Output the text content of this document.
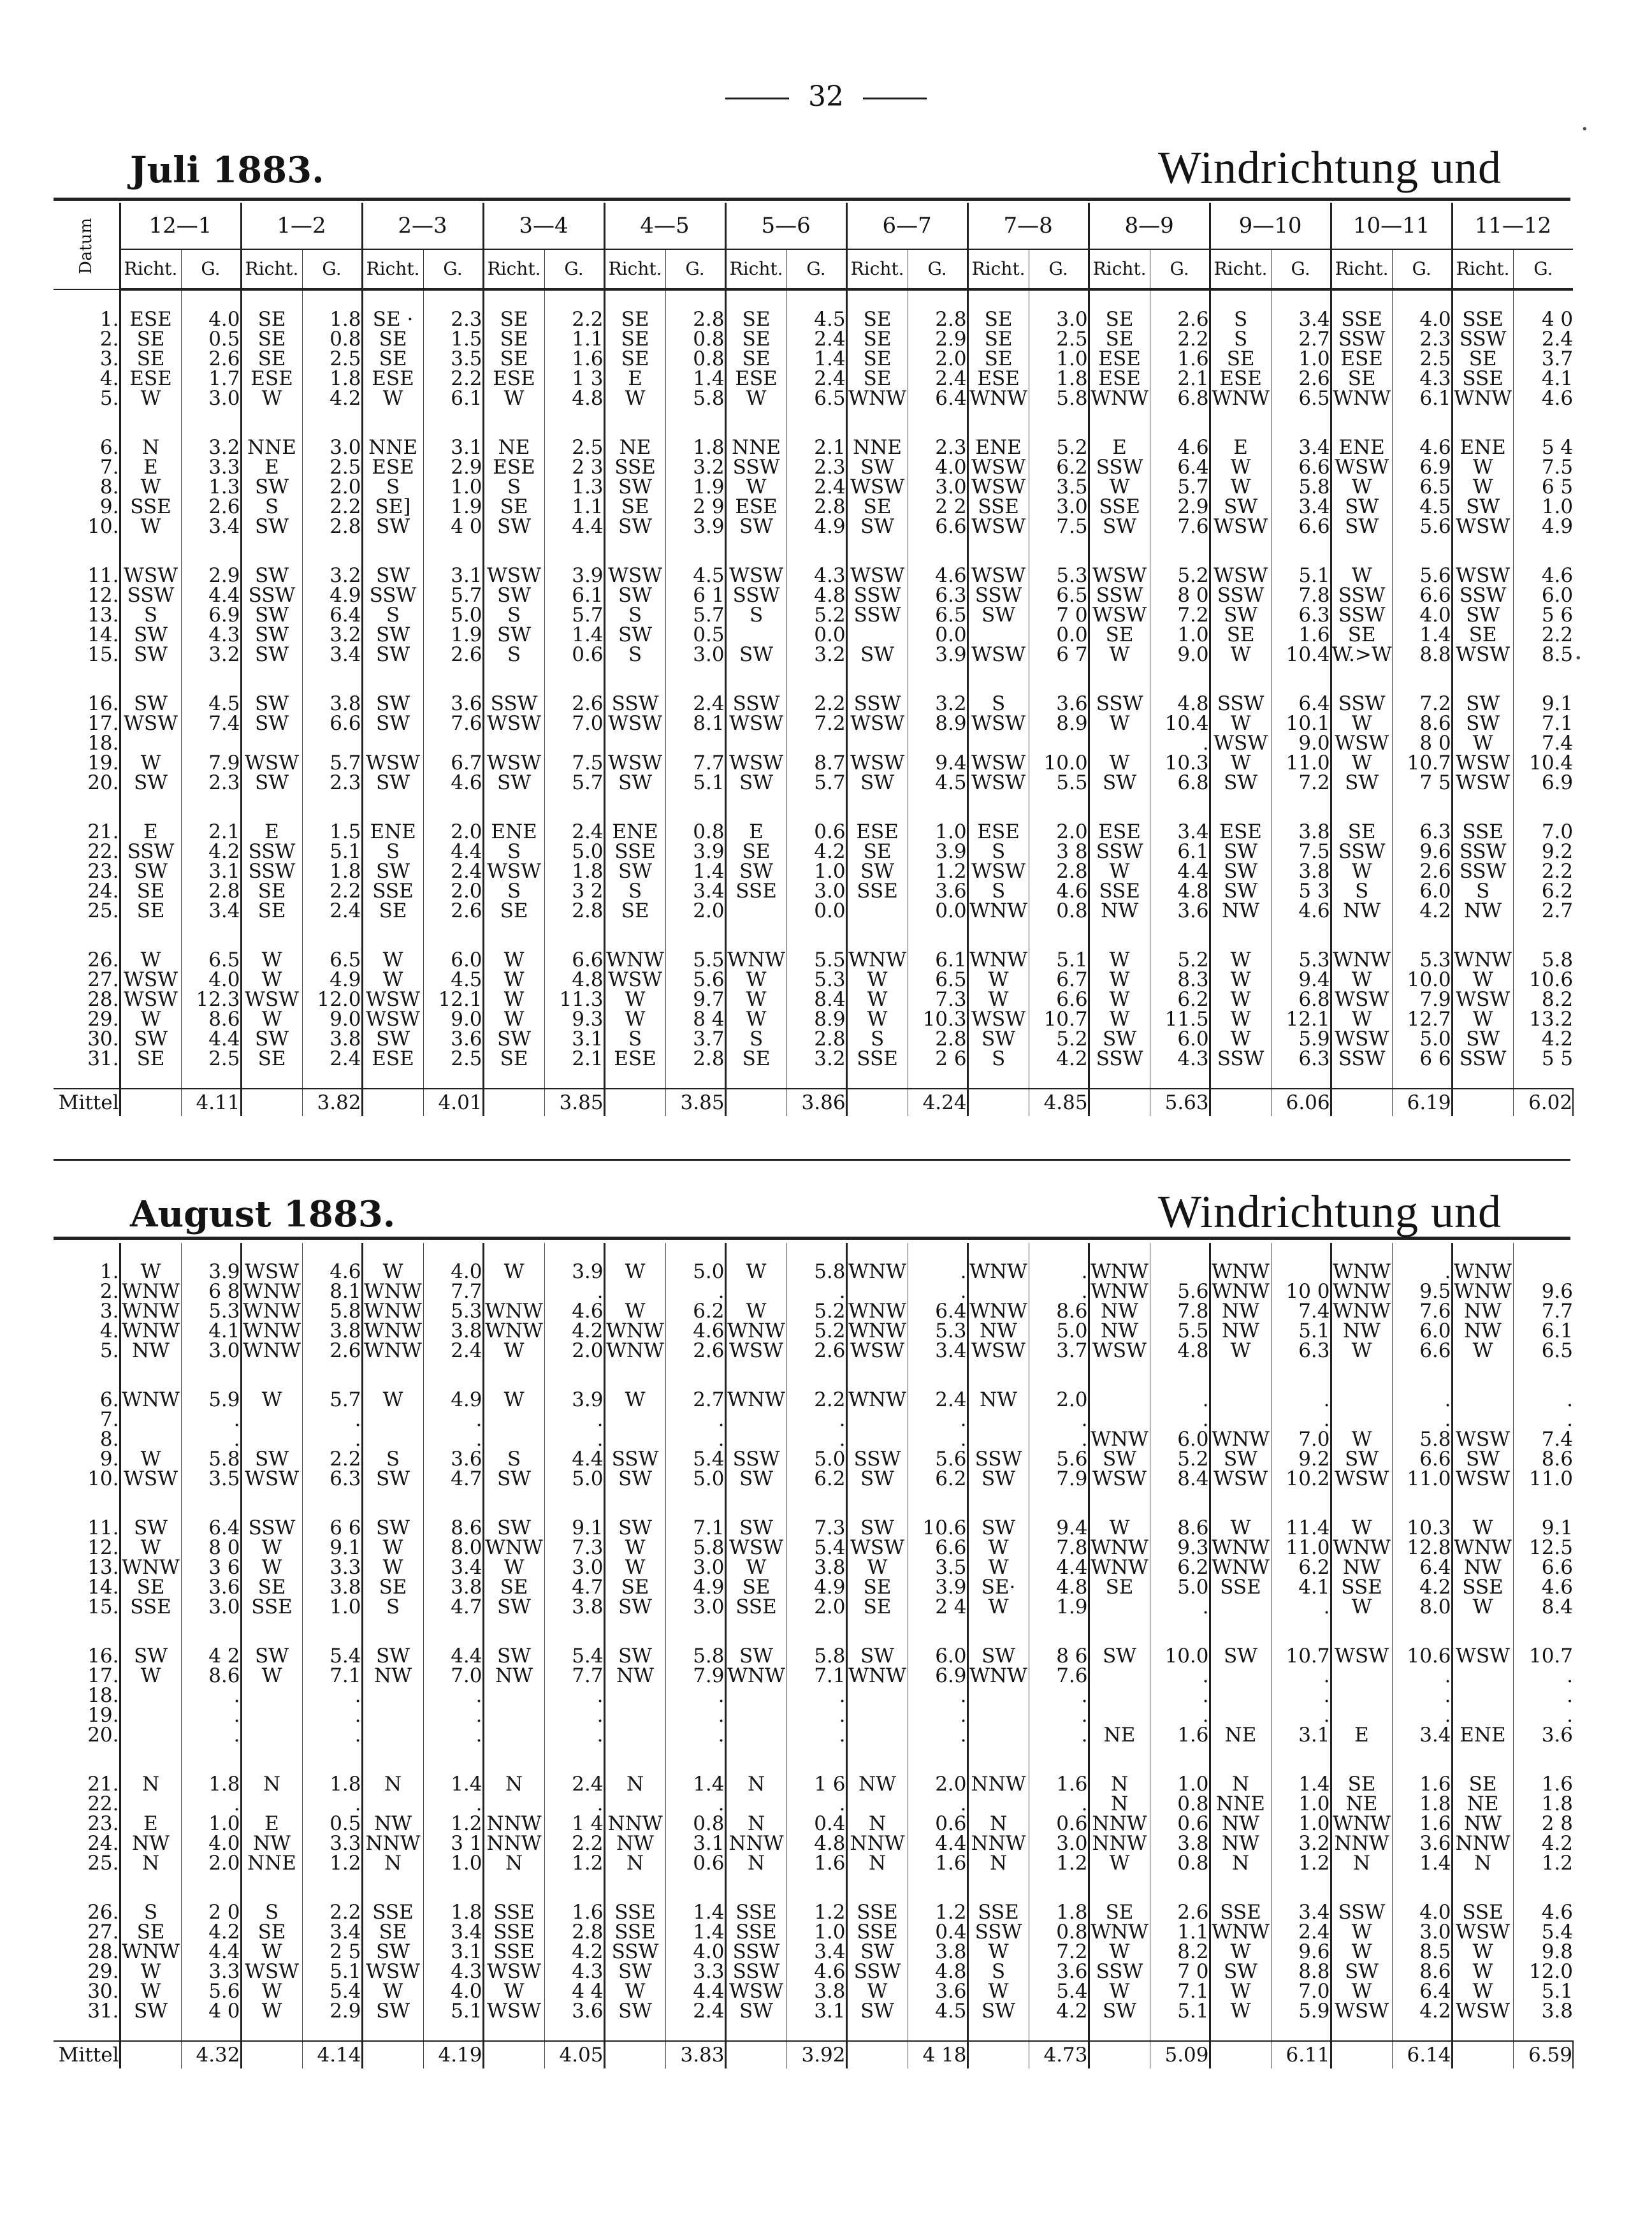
32
Juli 1883.	Windrichtung und
Datum	12—1		1—2		2—3		3—4		4—5		5—6		6—7		7—8		8—9		9—10		10—11		11—12	
	Richt.	G.	Richt.	G.	Richt.	G.	Richt.	G.	Richt.	G.	Richt.	G.	Richt.	G.	Richt.	G.	Richt.	G.	Richt.	G.	Richt.	G.	Richt.	G.

1.	ESE	4.0	SE	1.8	SE ·	2.3	SE	2.2	SE	2.8	SE	4.5	SE	2.8	SE	3.0	SE	2.6	S	3.4	SSE	4.0	SSE	4 0
2.	SE	0.5	SE	0.8	SE	1.5	SE	1.1	SE	0.8	SE	2.4	SE	2.9	SE	2.5	SE	2.2	S	2.7	SSW	2.3	SSW	2.4
3.	SE	2.6	SE	2.5	SE	3.5	SE	1.6	SE	0.8	SE	1.4	SE	2.0	SE	1.0	ESE	1.6	SE	1.0	ESE	2.5	SE	3.7
4.	ESE	1.7	ESE	1.8	ESE	2.2	ESE	1 3	E	1.4	ESE	2.4	SE	2.4	ESE	1.8	ESE	2.1	ESE	2.6	SE	4.3	SSE	4.1
5.	W	3.0	W	4.2	W	6.1	W	4.8	W	5.8	W	6.5	WNW	6.4	WNW	5.8	WNW	6.8	WNW	6.5	WNW	6.1	WNW	4.6

6.	N	3.2	NNE	3.0	NNE	3.1	NE	2.5	NE	1.8	NNE	2.1	NNE	2.3	ENE	5.2	E	4.6	E	3.4	ENE	4.6	ENE	5 4
7.	E	3.3	E	2.5	ESE	2.9	ESE	2 3	SSE	3.2	SSW	2.3	SW	4.0	WSW	6.2	SSW	6.4	W	6.6	WSW	6.9	W	7.5
8.	W	1.3	SW	2.0	S	1.0	S	1.3	SW	1.9	W	2.4	WSW	3.0	WSW	3.5	W	5.7	W	5.8	W	6.5	W	6 5
9.	SSE	2.6	S	2.2	SE]	1.9	SE	1.1	SE	2 9	ESE	2.8	SE	2 2	SSE	3.0	SSE	2.9	SW	3.4	SW	4.5	SW	1.0
10.	W	3.4	SW	2.8	SW	4 0	SW	4.4	SW	3.9	SW	4.9	SW	6.6	WSW	7.5	SW	7.6	WSW	6.6	SW	5.6	WSW	4.9

11.	WSW	2.9	SW	3.2	SW	3.1	WSW	3.9	WSW	4.5	WSW	4.3	WSW	4.6	WSW	5.3	WSW	5.2	WSW	5.1	W	5.6	WSW	4.6
12.	SSW	4.4	SSW	4.9	SSW	5.7	SW	6.1	SW	6 1	SSW	4.8	SSW	6.3	SSW	6.5	SSW	8 0	SSW	7.8	SSW	6.6	SSW	6.0
13.	S	6.9	SW	6.4	S	5.0	S	5.7	S	5.7	S	5.2	SSW	6.5	SW	7 0	WSW	7.2	SW	6.3	SSW	4.0	SW	5 6
14.	SW	4.3	SW	3.2	SW	1.9	SW	1.4	SW	0.5		0.0		0.0		0.0	SE	1.0	SE	1.6	SE	1.4	SE	2.2
15.	SW	3.2	SW	3.4	SW	2.6	S	0.6	S	3.0	SW	3.2	SW	3.9	WSW	6 7	W	9.0	W	10.4	W.>W	8.8	WSW	8.5

16.	SW	4.5	SW	3.8	SW	3.6	SSW	2.6	SSW	2.4	SSW	2.2	SSW	3.2	S	3.6	SSW	4.8	SSW	6.4	SSW	7.2	SW	9.1
17.	WSW	7.4	SW	6.6	SW	7.6	WSW	7.0	WSW	8.1	WSW	7.2	WSW	8.9	WSW	8.9	W	10.4	W	10.1	W	8.6	SW	7.1
18.																		.	WSW	9.0	WSW	8 0	W	7.4
19.	W	7.9	WSW	5.7	WSW	6.7	WSW	7.5	WSW	7.7	WSW	8.7	WSW	9.4	WSW	10.0	W	10.3	W	11.0	W	10.7	WSW	10.4
20.	SW	2.3	SW	2.3	SW	4.6	SW	5.7	SW	5.1	SW	5.7	SW	4.5	WSW	5.5	SW	6.8	SW	7.2	SW	7 5	WSW	6.9

21.	E	2.1	E	1.5	ENE	2.0	ENE	2.4	ENE	0.8	E	0.6	ESE	1.0	ESE	2.0	ESE	3.4	ESE	3.8	SE	6.3	SSE	7.0
22.	SSW	4.2	SSW	5.1	S	4.4	S	5.0	SSE	3.9	SE	4.2	SE	3.9	S	3 8	SSW	6.1	SW	7.5	SSW	9.6	SSW	9.2
23.	SW	3.1	SSW	1.8	SW	2.4	WSW	1.8	SW	1.4	SW	1.0	SW	1.2	WSW	2.8	W	4.4	SW	3.8	W	2.6	SSW	2.2
24.	SE	2.8	SE	2.2	SSE	2.0	S	3 2	S	3.4	SSE	3.0	SSE	3.6	S	4.6	SSE	4.8	SW	5 3	S	6.0	S	6.2
25.	SE	3.4	SE	2.4	SE	2.6	SE	2.8	SE	2.0		0.0		0.0	WNW	0.8	NW	3.6	NW	4.6	NW	4.2	NW	2.7

26.	W	6.5	W	6.5	W	6.0	W	6.6	WNW	5.5	WNW	5.5	WNW	6.1	WNW	5.1	W	5.2	W	5.3	WNW	5.3	WNW	5.8
27.	WSW	4.0	W	4.9	W	4.5	W	4.8	WSW	5.6	W	5.3	W	6.5	W	6.7	W	8.3	W	9.4	W	10.0	W	10.6
28.	WSW	12.3	WSW	12.0	WSW	12.1	W	11.3	W	9.7	W	8.4	W	7.3	W	6.6	W	6.2	W	6.8	WSW	7.9	WSW	8.2
29.	W	8.6	W	9.0	WSW	9.0	W	9.3	W	8 4	W	8.9	W	10.3	WSW	10.7	W	11.5	W	12.1	W	12.7	W	13.2
30.	SW	4.4	SW	3.8	SW	3.6	SW	3.1	S	3.7	S	2.8	S	2.8	SW	5.2	SW	6.0	W	5.9	WSW	5.0	SW	4.2
31.	SE	2.5	SE	2.4	ESE	2.5	SE	2.1	ESE	2.8	SE	3.2	SSE	2 6	S	4.2	SSW	4.3	SSW	6.3	SSW	6 6	SSW	5 5

Mittel		4.11		3.82		4.01		3.85		3.85		3.86		4.24		4.85		5.63		6.06		6.19		6.02
August 1883.	Windrichtung und

1.	W	3.9	WSW	4.6	W	4.0	W	3.9	W	5.0	W	5.8	WNW	.	WNW	.	WNW		WNW		WNW	.	WNW	
2.	WNW	6 8	WNW	8.1	WNW	7.7		.		.		.		.		.	WNW	5.6	WNW	10 0	WNW	9.5	WNW	9.6
3.	WNW	5.3	WNW	5.8	WNW	5.3	WNW	4.6	W	6.2	W	5.2	WNW	6.4	WNW	8.6	NW	7.8	NW	7.4	WNW	7.6	NW	7.7
4.	WNW	4.1	WNW	3.8	WNW	3.8	WNW	4.2	WNW	4.6	WNW	5.2	WNW	5.3	NW	5.0	NW	5.5	NW	5.1	NW	6.0	NW	6.1
5.	NW	3.0	WNW	2.6	WNW	2.4	W	2.0	WNW	2.6	WSW	2.6	WSW	3.4	WSW	3.7	WSW	4.8	W	6.3	W	6.6	W	6.5

6.	WNW	5.9	W	5.7	W	4.9	W	3.9	W	2.7	WNW	2.2	WNW	2.4	NW	2.0		.		.		.		.
7.		.		.		.		.		.		.		.		.		.		.		.		.
8.		.		.		.		.		.		.		.		.	WNW	6.0	WNW	7.0	W	5.8	WSW	7.4
9.	W	5.8	SW	2.2	S	3.6	S	4.4	SSW	5.4	SSW	5.0	SSW	5.6	SSW	5.6	SW	5.2	SW	9.2	SW	6.6	SW	8.6
10.	WSW	3.5	WSW	6.3	SW	4.7	SW	5.0	SW	5.0	SW	6.2	SW	6.2	SW	7.9	WSW	8.4	WSW	10.2	WSW	11.0	WSW	11.0

11.	SW	6.4	SSW	6 6	SW	8.6	SW	9.1	SW	7.1	SW	7.3	SW	10.6	SW	9.4	W	8.6	W	11.4	W	10.3	W	9.1
12.	W	8 0	W	9.1	W	8.0	WNW	7.3	W	5.8	WSW	5.4	WSW	6.6	W	7.8	WNW	9.3	WNW	11.0	WNW	12.8	WNW	12.5
13.	WNW	3 6	W	3.3	W	3.4	W	3.0	W	3.0	W	3.8	W	3.5	W	4.4	WNW	6.2	WNW	6.2	NW	6.4	NW	6.6
14.	SE	3.6	SE	3.8	SE	3.8	SE	4.7	SE	4.9	SE	4.9	SE	3.9	SE·	4.8	SE	5.0	SSE	4.1	SSE	4.2	SSE	4.6
15.	SSE	3.0	SSE	1.0	S	4.7	SW	3.8	SW	3.0	SSE	2.0	SE	2 4	W	1.9		.		.	W	8.0	W	8.4

16.	SW	4 2	SW	5.4	SW	4.4	SW	5.4	SW	5.8	SW	5.8	SW	6.0	SW	8 6	SW	10.0	SW	10.7	WSW	10.6	WSW	10.7
17.	W	8.6	W	7.1	NW	7.0	NW	7.7	NW	7.9	WNW	7.1	WNW	6.9	WNW	7.6		.		.		.		.
18.		.		.		.		.		.		.		.		.		.		.		.		.
19.		.		.		.		.		.		.		.		.		.		.		.		.
20.		.		.		.		.		.		.		.		.	NE	1.6	NE	3.1	E	3.4	ENE	3.6

21.	N	1.8	N	1.8	N	1.4	N	2.4	N	1.4	N	1 6	NW	2.0	NNW	1.6	N	1.0	N	1.4	SE	1.6	SE	1.6
22.		.		.		.		.		.		.		.		.	N	0.8	NNE	1.0	NE	1.8	NE	1.8
23.	E	1.0	E	0.5	NW	1.2	NNW	1 4	NNW	0.8	N	0.4	N	0.6	N	0.6	NNW	0.6	NW	1.0	WNW	1.6	NW	2 8
24.	NW	4.0	NW	3.3	NNW	3 1	NNW	2.2	NW	3.1	NNW	4.8	NNW	4.4	NNW	3.0	NNW	3.8	NW	3.2	NNW	3.6	NNW	4.2
25.	N	2.0	NNE	1.2	N	1.0	N	1.2	N	0.6	N	1.6	N	1.6	N	1.2	W	0.8	N	1.2	N	1.4	N	1.2

26.	S	2 0	S	2.2	SSE	1.8	SSE	1.6	SSE	1.4	SSE	1.2	SSE	1.2	SSE	1.8	SE	2.6	SSE	3.4	SSW	4.0	SSE	4.6
27.	SE	4.2	SE	3.4	SE	3.4	SSE	2.8	SSE	1.4	SSE	1.0	SSE	0.4	SSW	0.8	WNW	1.1	WNW	2.4	W	3.0	WSW	5.4
28.	WNW	4.4	W	2 5	SW	3.1	SSE	4.2	SSW	4.0	SSW	3.4	SW	3.8	W	7.2	W	8.2	W	9.6	W	8.5	W	9.8
29.	W	3.3	WSW	5.1	WSW	4.3	WSW	4.3	SW	3.3	SSW	4.6	SSW	4.8	S	3.6	SSW	7 0	SW	8.8	SW	8.6	W	12.0
30.	W	5.6	W	5.4	W	4.0	W	4 4	W	4.4	WSW	3.8	W	3.6	W	5.4	W	7.1	W	7.0	W	6.4	W	5.1
31.	SW	4 0	W	2.9	SW	5.1	WSW	3.6	SW	2.4	SW	3.1	SW	4.5	SW	4.2	SW	5.1	W	5.9	WSW	4.2	WSW	3.8

Mittel		4.32		4.14		4.19		4.05		3.83		3.92		4 18		4.73		5.09		6.11		6.14		6.59
·
·
